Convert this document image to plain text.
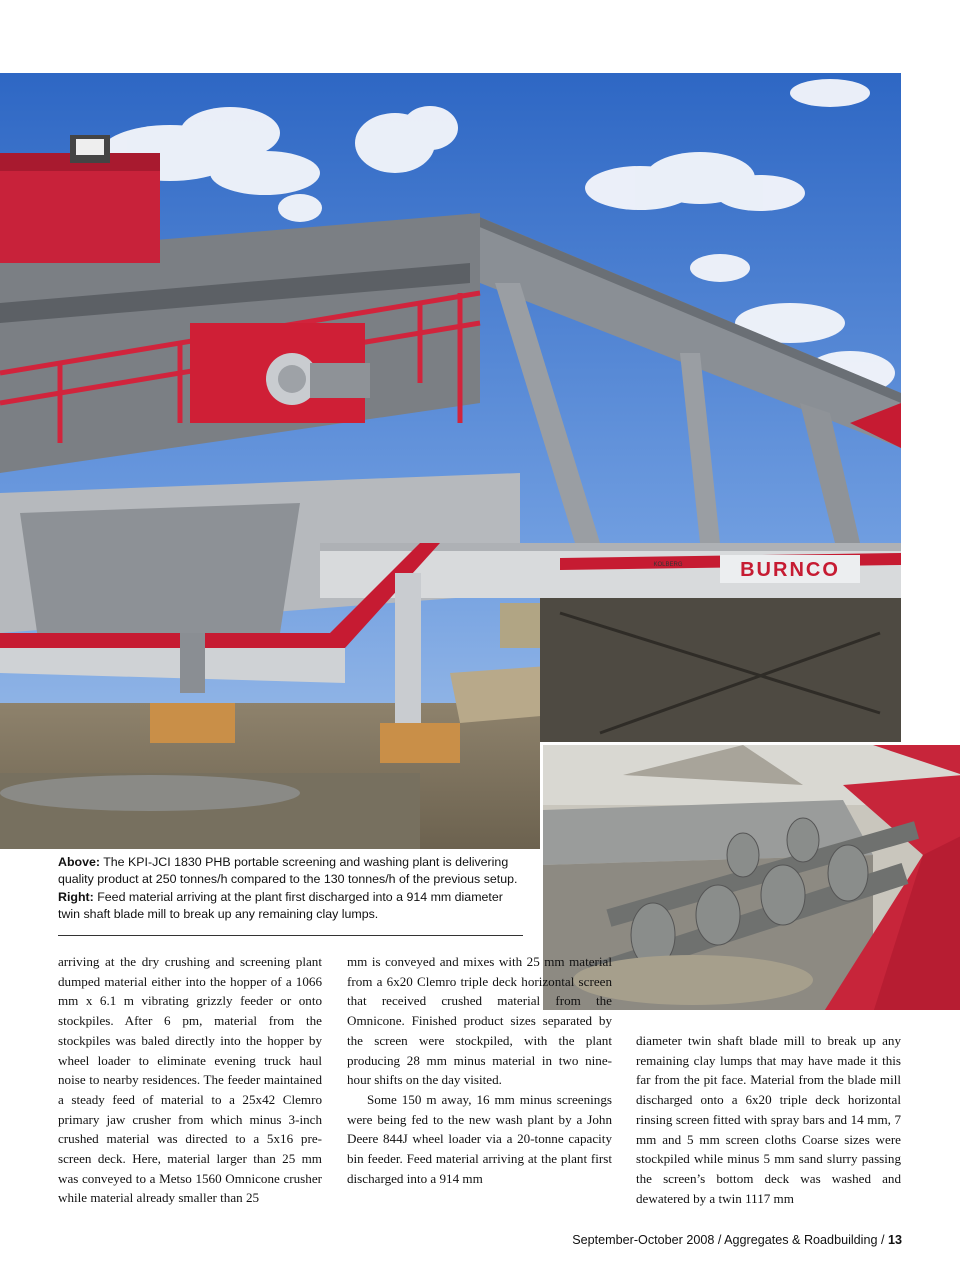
BURNCO
KOLBERG
Above: The KPI-JCI 1830 PHB portable screening and washing plant is delivering quality product at 250 tonnes/h compared to the 130 tonnes/h of the previous setup.
Right: Feed material arriving at the plant first discharged into a 914 mm diameter twin shaft blade mill to break up any remaining clay lumps.

arriving at the dry crushing and screening plant dumped material either into the hopper of a 1066 mm x 6.1 m vibrating grizzly feeder or onto stockpiles. After 6 pm, material from the stockpiles was baled directly into the hopper by wheel loader to eliminate evening truck haul noise to nearby residences. The feeder maintained a steady feed of material to a 25x42 Clemro primary jaw crusher from which minus 3-inch crushed material was directed to a 5x16 pre-screen deck. Here, material larger than 25 mm was conveyed to a Metso 1560 Omnicone crusher while material already smaller than 25

mm is conveyed and mixes with 25 mm material from a 6x20 Clemro triple deck horizontal screen that received crushed material from the Omnicone. Finished product sizes separated by the screen were stockpiled, with the plant producing 28 mm minus material in two nine-hour shifts on the day visited.

Some 150 m away, 16 mm minus screenings were being fed to the new wash plant by a John Deere 844J wheel loader via a 20-tonne capacity bin feeder. Feed material arriving at the plant first discharged into a 914 mm

diameter twin shaft blade mill to break up any remaining clay lumps that may have made it this far from the pit face. Material from the blade mill discharged onto a 6x20 triple deck horizontal rinsing screen fitted with spray bars and 14 mm, 7 mm and 5 mm screen cloths Coarse sizes were stockpiled while minus 5 mm sand slurry passing the screen’s bottom deck was washed and dewatered by a twin 1117 mm

September-October 2008 / Aggregates & Roadbuilding / 13
